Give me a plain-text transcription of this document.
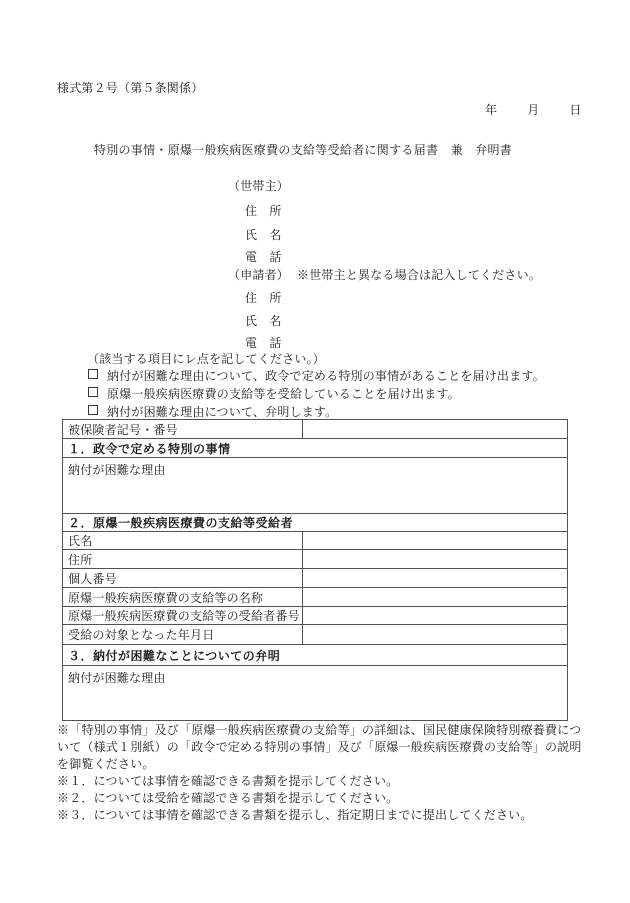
様式第２号（第５条関係）
年	月	日
特別の事情・原爆一般疾病医療費の支給等受給者に関する届書　兼　弁明書
（世帯主）
住　所
氏　名
電　話
（申請者） ※世帯主と異なる場合は記入してください。
住　所
氏　名
電　話
（該当する項目にレ点を記してください。）
納付が困難な理由について、政令で定める特別の事情があることを届け出ます。
原爆一般疾病医療費の支給等を受給していることを届け出ます。
納付が困難な理由について、弁明します。
被保険者記号・番号
１．政令で定める特別の事情
納付が困難な理由
２．原爆一般疾病医療費の支給等受給者
氏名
住所
個人番号
原爆一般疾病医療費の支給等の名称
原爆一般疾病医療費の支給等の受給者番号
受給の対象となった年月日
３．納付が困難なことについての弁明
納付が困難な理由
※「特別の事情」及び「原爆一般疾病医療費の支給等」の詳細は、国民健康保険特別療養費につ
いて（様式１別紙）の「政令で定める特別の事情」及び「原爆一般疾病医療費の支給等」の説明
を御覧ください。
※１．については事情を確認できる書類を提示してください。
※２．については受給を確認できる書類を提示してください。
※３．については事情を確認できる書類を提示し、指定期日までに提出してください。
